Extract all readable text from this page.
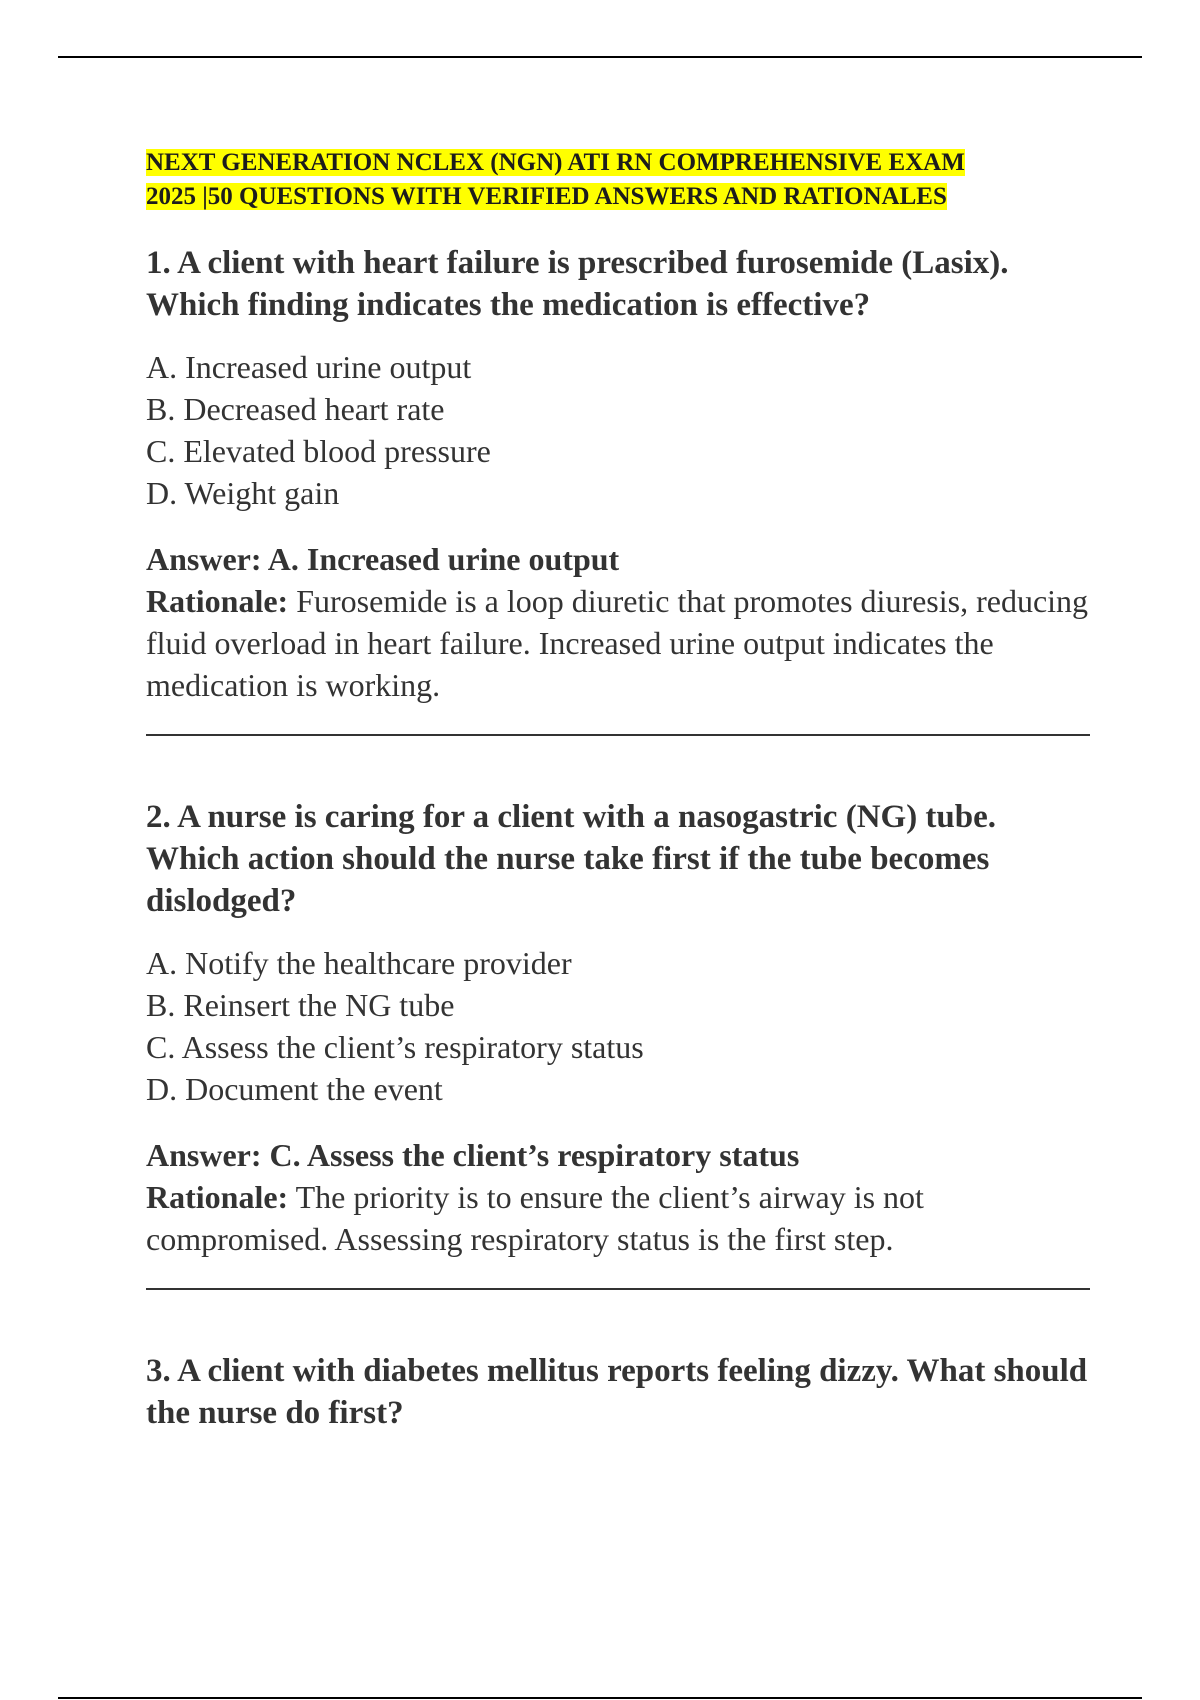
NEXT GENERATION NCLEX (NGN) ATI RN COMPREHENSIVE EXAM
2025 |50 QUESTIONS WITH VERIFIED ANSWERS AND RATIONALES

1. A client with heart failure is prescribed furosemide (Lasix). Which finding indicates the medication is effective?

A. Increased urine output
B. Decreased heart rate
C. Elevated blood pressure
D. Weight gain

Answer: A. Increased urine output

Rationale: Furosemide is a loop diuretic that promotes diuresis, reducing fluid overload in heart failure. Increased urine output indicates the medication is working.

2. A nurse is caring for a client with a nasogastric (NG) tube. Which action should the nurse take first if the tube becomes dislodged?

A. Notify the healthcare provider
B. Reinsert the NG tube
C. Assess the client’s respiratory status
D. Document the event

Answer: C. Assess the client’s respiratory status

Rationale: The priority is to ensure the client’s airway is not compromised. Assessing respiratory status is the first step.

3. A client with diabetes mellitus reports feeling dizzy. What should the nurse do first?
